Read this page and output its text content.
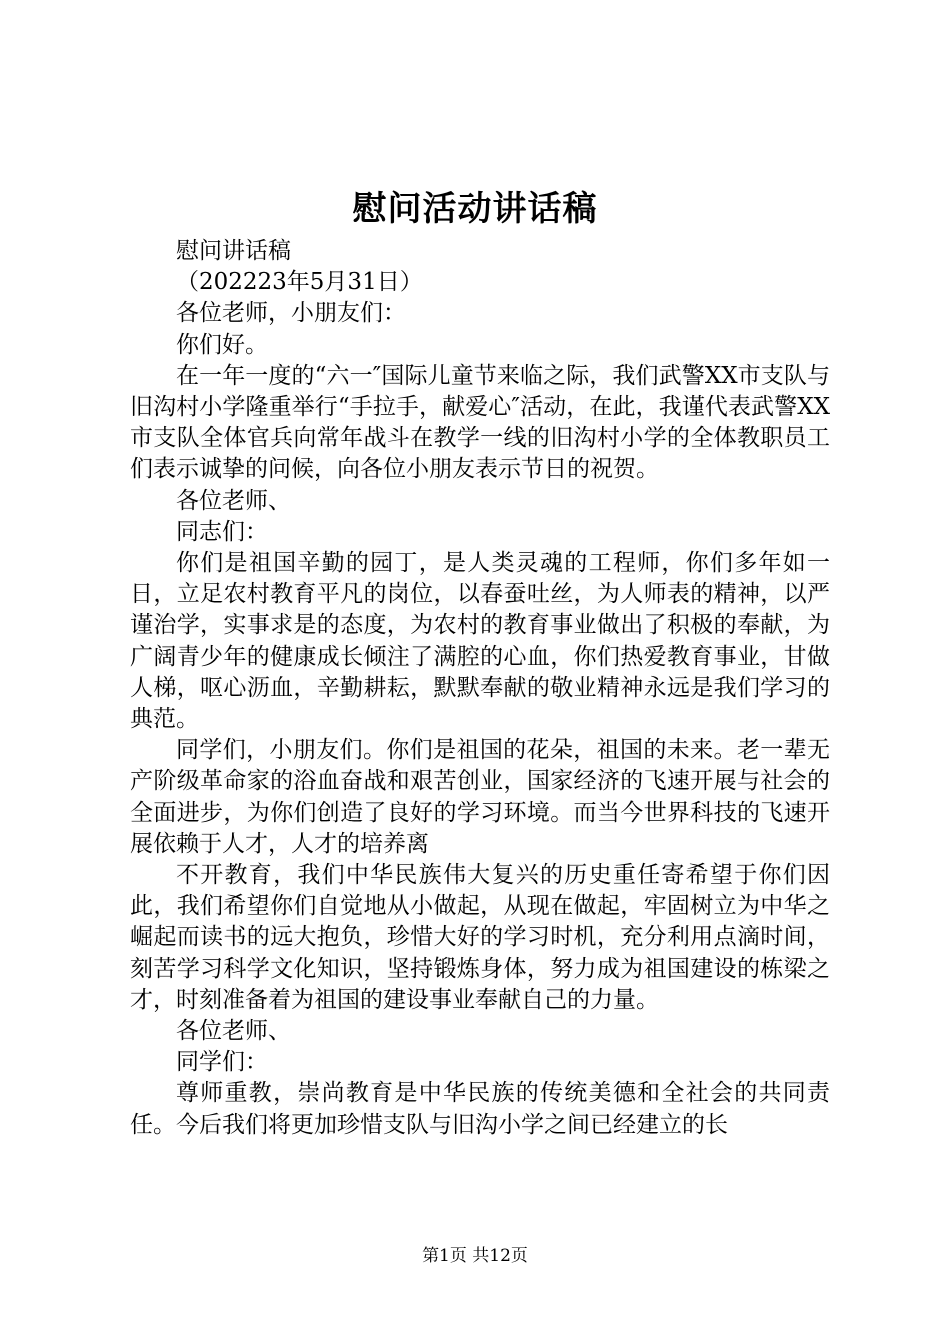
慰问活动讲话稿

慰问讲话稿

（202223年5月31日）

各位老师，小朋友们：

你们好。

在一年一度的“六一″国际儿童节来临之际，我们武警XX市支队与旧沟村小学隆重举行“手拉手，献爱心″活动，在此，我谨代表武警XX市支队全体官兵向常年战斗在教学一线的旧沟村小学的全体教职员工们表示诚挚的问候，向各位小朋友表示节日的祝贺。

各位老师、

同志们：

你们是祖国辛勤的园丁，是人类灵魂的工程师，你们多年如一日，立足农村教育平凡的岗位，以春蚕吐丝，为人师表的精神，以严谨治学，实事求是的态度，为农村的教育事业做出了积极的奉献，为广阔青少年的健康成长倾注了满腔的心血，你们热爱教育事业，甘做人梯，呕心沥血，辛勤耕耘，默默奉献的敬业精神永远是我们学习的典范。

同学们，小朋友们。你们是祖国的花朵，祖国的未来。老一辈无产阶级革命家的浴血奋战和艰苦创业，国家经济的飞速开展与社会的全面进步，为你们创造了良好的学习环境。而当今世界科技的飞速开展依赖于人才，人才的培养离

不开教育，我们中华民族伟大复兴的历史重任寄希望于你们因此，我们希望你们自觉地从小做起，从现在做起，牢固树立为中华之崛起而读书的远大抱负，珍惜大好的学习时机，充分利用点滴时间，刻苦学习科学文化知识，坚持锻炼身体，努力成为祖国建设的栋梁之才，时刻准备着为祖国的建设事业奉献自己的力量。

各位老师、

同学们：

尊师重教，崇尚教育是中华民族的传统美德和全社会的共同责任。今后我们将更加珍惜支队与旧沟小学之间已经建立的长

第1页 共12页
